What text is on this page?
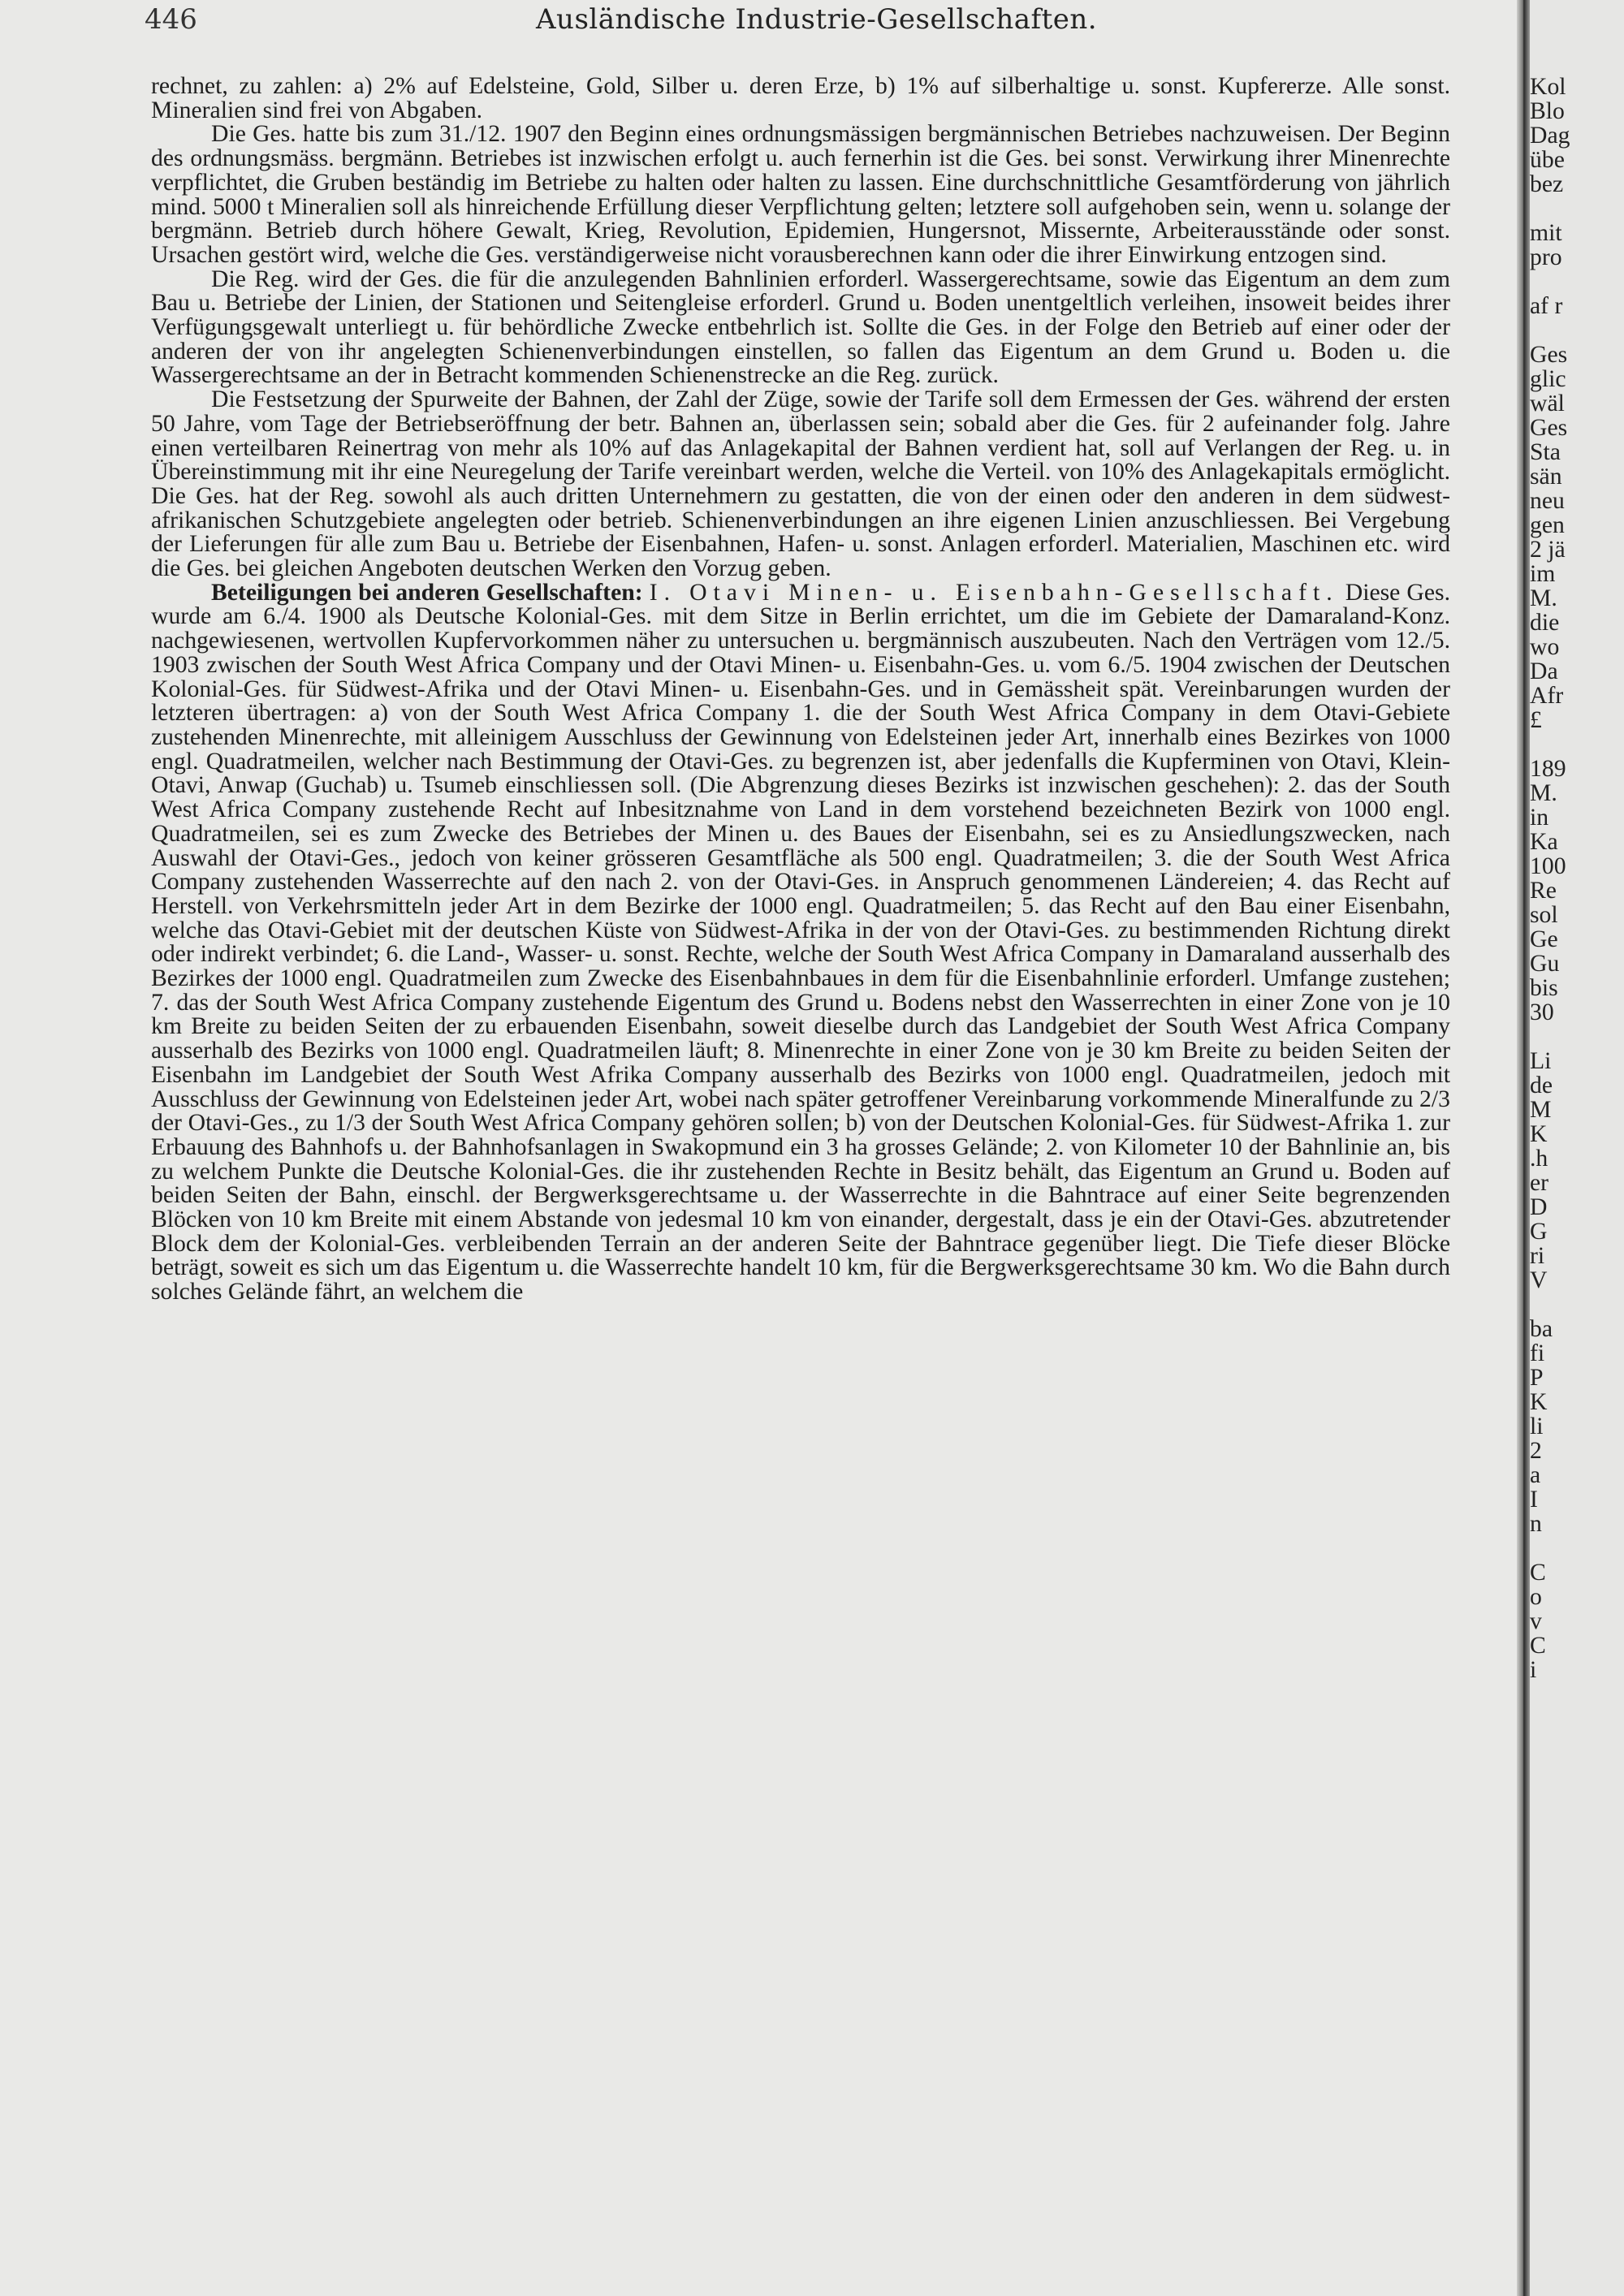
446	Ausländische Industrie-Gesellschaften.

rechnet, zu zahlen: a) 2% auf Edelsteine, Gold, Silber u. deren Erze, b) 1% auf silberhaltige u. sonst. Kupfererze. Alle sonst. Mineralien sind frei von Abgaben.

Die Ges. hatte bis zum 31./12. 1907 den Beginn eines ordnungsmässigen bergmännischen Betriebes nachzuweisen. Der Beginn des ordnungsmäss. bergmänn. Betriebes ist inzwischen erfolgt u. auch fernerhin ist die Ges. bei sonst. Verwirkung ihrer Minenrechte verpflichtet, die Gruben beständig im Betriebe zu halten oder halten zu lassen. Eine durchschnittliche Gesamtförderung von jährlich mind. 5000 t Mineralien soll als hinreichende Erfüllung dieser Verpflichtung gelten; letztere soll aufgehoben sein, wenn u. solange der bergmänn. Betrieb durch höhere Gewalt, Krieg, Revolution, Epidemien, Hungersnot, Missernte, Arbeiterausstände oder sonst. Ursachen gestört wird, welche die Ges. verständigerweise nicht vorausberechnen kann oder die ihrer Einwirkung entzogen sind.

Die Reg. wird der Ges. die für die anzulegenden Bahnlinien erforderl. Wassergerechtsame, sowie das Eigentum an dem zum Bau u. Betriebe der Linien, der Stationen und Seitengleise erforderl. Grund u. Boden unentgeltlich verleihen, insoweit beides ihrer Verfügungsgewalt unterliegt u. für behördliche Zwecke entbehrlich ist. Sollte die Ges. in der Folge den Betrieb auf einer oder der anderen der von ihr angelegten Schienenverbindungen einstellen, so fallen das Eigentum an dem Grund u. Boden u. die Wassergerechtsame an der in Betracht kommenden Schienenstrecke an die Reg. zurück.

Die Festsetzung der Spurweite der Bahnen, der Zahl der Züge, sowie der Tarife soll dem Ermessen der Ges. während der ersten 50 Jahre, vom Tage der Betriebseröffnung der betr. Bahnen an, überlassen sein; sobald aber die Ges. für 2 aufeinander folg. Jahre einen verteilbaren Reinertrag von mehr als 10% auf das Anlagekapital der Bahnen verdient hat, soll auf Verlangen der Reg. u. in Übereinstimmung mit ihr eine Neuregelung der Tarife vereinbart werden, welche die Verteil. von 10% des Anlagekapitals ermöglicht. Die Ges. hat der Reg. sowohl als auch dritten Unternehmern zu gestatten, die von der einen oder den anderen in dem südwest-afrikanischen Schutzgebiete angelegten oder betrieb. Schienenverbindungen an ihre eigenen Linien anzuschliessen. Bei Vergebung der Lieferungen für alle zum Bau u. Betriebe der Eisenbahnen, Hafen- u. sonst. Anlagen erforderl. Materialien, Maschinen etc. wird die Ges. bei gleichen Angeboten deutschen Werken den Vorzug geben.

Beteiligungen bei anderen Gesellschaften: I. Otavi Minen- u. Eisenbahn-Gesellschaft. Diese Ges. wurde am 6./4. 1900 als Deutsche Kolonial-Ges. mit dem Sitze in Berlin errichtet, um die im Gebiete der Damaraland-Konz. nachgewiesenen, wertvollen Kupfervorkommen näher zu untersuchen u. bergmännisch auszubeuten. Nach den Verträgen vom 12./5. 1903 zwischen der South West Africa Company und der Otavi Minen- u. Eisenbahn-Ges. u. vom 6./5. 1904 zwischen der Deutschen Kolonial-Ges. für Südwest-Afrika und der Otavi Minen- u. Eisenbahn-Ges. und in Gemässheit spät. Vereinbarungen wurden der letzteren übertragen: a) von der South West Africa Company 1. die der South West Africa Company in dem Otavi-Gebiete zustehenden Minenrechte, mit alleinigem Ausschluss der Gewinnung von Edelsteinen jeder Art, innerhalb eines Bezirkes von 1000 engl. Quadratmeilen, welcher nach Bestimmung der Otavi-Ges. zu begrenzen ist, aber jedenfalls die Kupferminen von Otavi, Klein-Otavi, Anwap (Guchab) u. Tsumeb einschliessen soll. (Die Abgrenzung dieses Bezirks ist inzwischen geschehen): 2. das der South West Africa Company zustehende Recht auf Inbesitznahme von Land in dem vorstehend bezeichneten Bezirk von 1000 engl. Quadratmeilen, sei es zum Zwecke des Betriebes der Minen u. des Baues der Eisenbahn, sei es zu Ansiedlungszwecken, nach Auswahl der Otavi-Ges., jedoch von keiner grösseren Gesamtfläche als 500 engl. Quadratmeilen; 3. die der South West Africa Company zustehenden Wasserrechte auf den nach 2. von der Otavi-Ges. in Anspruch genommenen Ländereien; 4. das Recht auf Herstell. von Verkehrsmitteln jeder Art in dem Bezirke der 1000 engl. Quadratmeilen; 5. das Recht auf den Bau einer Eisenbahn, welche das Otavi-Gebiet mit der deutschen Küste von Südwest-Afrika in der von der Otavi-Ges. zu bestimmenden Richtung direkt oder indirekt verbindet; 6. die Land-, Wasser- u. sonst. Rechte, welche der South West Africa Company in Damaraland ausserhalb des Bezirkes der 1000 engl. Quadratmeilen zum Zwecke des Eisenbahnbaues in dem für die Eisenbahnlinie erforderl. Umfange zustehen; 7. das der South West Africa Company zustehende Eigentum des Grund u. Bodens nebst den Wasserrechten in einer Zone von je 10 km Breite zu beiden Seiten der zu erbauenden Eisenbahn, soweit dieselbe durch das Landgebiet der South West Africa Company ausserhalb des Bezirks von 1000 engl. Quadratmeilen läuft; 8. Minenrechte in einer Zone von je 30 km Breite zu beiden Seiten der Eisenbahn im Landgebiet der South West Afrika Company ausserhalb des Bezirks von 1000 engl. Quadratmeilen, jedoch mit Ausschluss der Gewinnung von Edelsteinen jeder Art, wobei nach später getroffener Vereinbarung vorkommende Mineralfunde zu 2/3 der Otavi-Ges., zu 1/3 der South West Africa Company gehören sollen; b) von der Deutschen Kolonial-Ges. für Südwest-Afrika 1. zur Erbauung des Bahnhofs u. der Bahnhofsanlagen in Swakopmund ein 3 ha grosses Gelände; 2. von Kilometer 10 der Bahnlinie an, bis zu welchem Punkte die Deutsche Kolonial-Ges. die ihr zustehenden Rechte in Besitz behält, das Eigentum an Grund u. Boden auf beiden Seiten der Bahn, einschl. der Bergwerksgerechtsame u. der Wasserrechte in die Bahntrace auf einer Seite begrenzenden Blöcken von 10 km Breite mit einem Abstande von jedesmal 10 km von einander, dergestalt, dass je ein der Otavi-Ges. abzutretender Block dem der Kolonial-Ges. verbleibenden Terrain an der anderen Seite der Bahntrace gegenüber liegt. Die Tiefe dieser Blöcke beträgt, soweit es sich um das Eigentum u. die Wasserrechte handelt 10 km, für die Bergwerksgerechtsame 30 km. Wo die Bahn durch solches Gelände fährt, an welchem die

Kol
Blo
Dag
übe
bez
mit
pro
af r
Ges
glic
wäl
Ges
Sta
sän
neu
gen
2 jä
im
M.
die
wo
Da
Afr
£
189
M.
in
Ka
100
Re
sol
Ge
Gu
bis
30
Li
de
M
K
.h
er
D
G
ri
V
ba
fi
P
K
li
2
a
I
n
C
o
v
C
i
